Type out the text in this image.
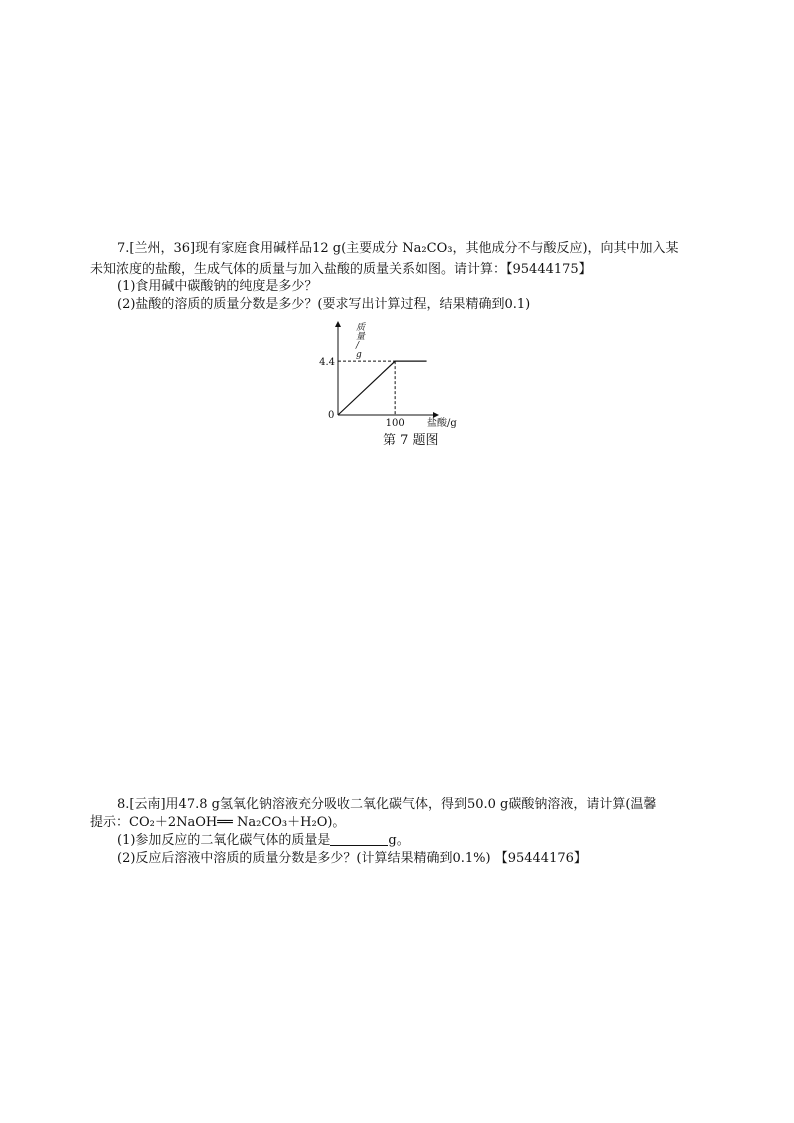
7.[兰州，36]现有家庭食用碱样品12 g(主要成分 Na₂CO₃，其他成分不与酸反应)，向其中加入某
未知浓度的盐酸，生成气体的质量与加入盐酸的质量关系如图。请计算：【95444175】
(1)食用碱中碳酸钠的纯度是多少？
(2)盐酸的溶质的质量分数是多少？(要求写出计算过程，结果精确到0.1)
质量/ g
0
4.4
100 盐酸/g
第 7 题图
8.[云南]用47.8 g氢氧化钠溶液充分吸收二氧化碳气体，得到50.0 g碳酸钠溶液，请计算(温馨
提示：CO₂＋2NaOH══ Na₂CO₃＋H₂O)。
(1)参加反应的二氧化碳气体的质量是	g。
(2)反应后溶液中溶质的质量分数是多少？(计算结果精确到0.1%) 【95444176】
